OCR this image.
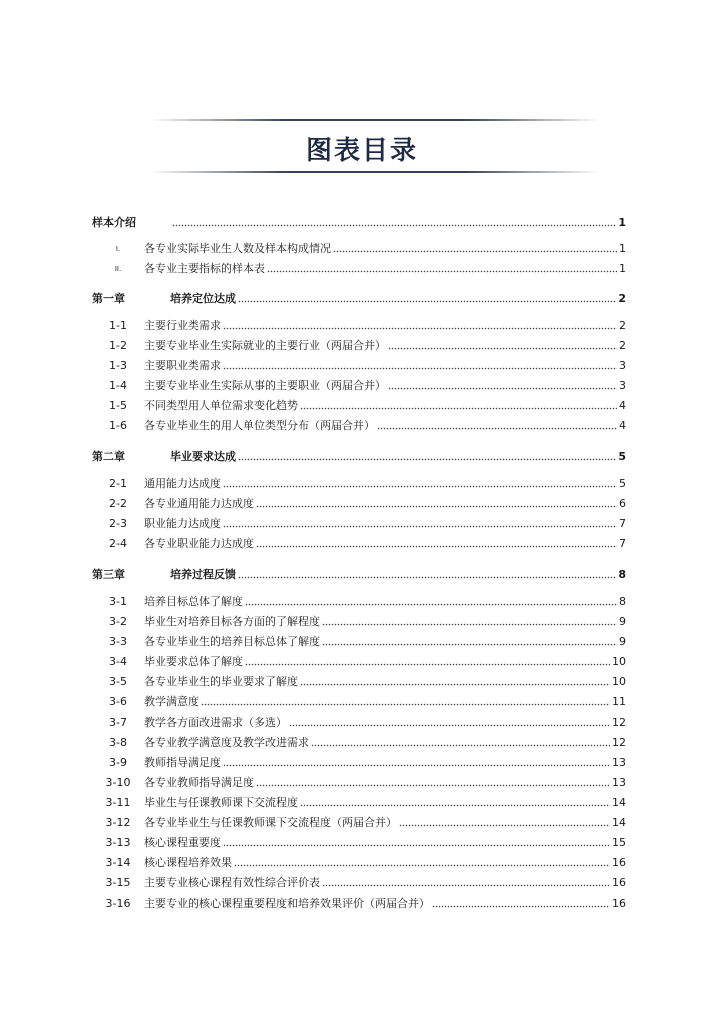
图表目录
样本介绍	1
I.	各专业实际毕业生人数及样本构成情况	1
II.	各专业主要指标的样本表	1
第一章	培养定位达成	2
1-1	主要行业类需求	2
1-2	主要专业毕业生实际就业的主要行业（两届合并）	2
1-3	主要职业类需求	3
1-4	主要专业毕业生实际从事的主要职业（两届合并）	3
1-5	不同类型用人单位需求变化趋势	4
1-6	各专业毕业生的用人单位类型分布（两届合并）	4
第二章	毕业要求达成	5
2-1	通用能力达成度	5
2-2	各专业通用能力达成度	6
2-3	职业能力达成度	7
2-4	各专业职业能力达成度	7
第三章	培养过程反馈	8
3-1	培养目标总体了解度	8
3-2	毕业生对培养目标各方面的了解程度	9
3-3	各专业毕业生的培养目标总体了解度	9
3-4	毕业要求总体了解度	10
3-5	各专业毕业生的毕业要求了解度	10
3-6	教学满意度	11
3-7	教学各方面改进需求（多选）	12
3-8	各专业教学满意度及教学改进需求	12
3-9	教师指导满足度	13
3-10	各专业教师指导满足度	13
3-11	毕业生与任课教师课下交流程度	14
3-12	各专业毕业生与任课教师课下交流程度（两届合并）	14
3-13	核心课程重要度	15
3-14	核心课程培养效果	16
3-15	主要专业核心课程有效性综合评价表	16
3-16	主要专业的核心课程重要程度和培养效果评价（两届合并）	16
